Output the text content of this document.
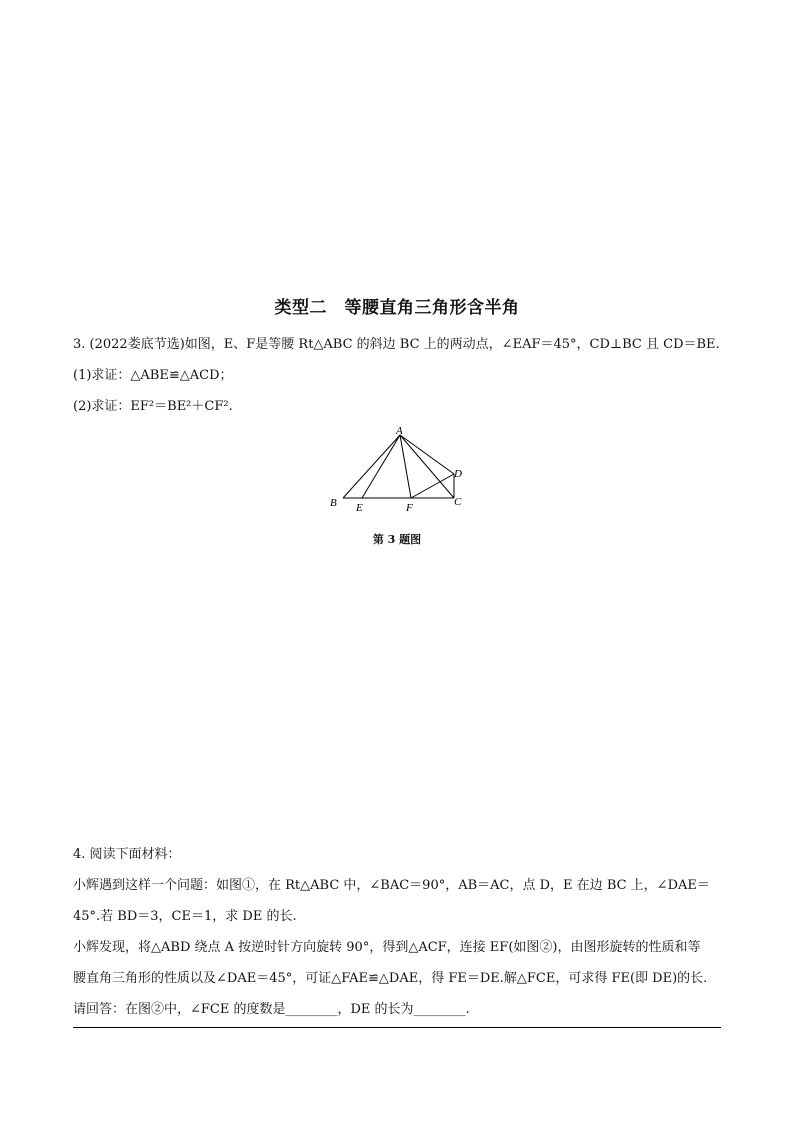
类型二　等腰直角三角形含半角
3. (2022娄底节选)如图，E、F是等腰 Rt△ABC 的斜边 BC 上的两动点，∠EAF＝45°，CD⊥BC 且 CD＝BE.
(1)求证：△ABE≌△ACD；
(2)求证：EF²＝BE²＋CF².
A
B	C
D
E	F
第 3 题图
4. 阅读下面材料：
小辉遇到这样一个问题：如图①，在 Rt△ABC 中，∠BAC＝90°，AB＝AC，点 D，E 在边 BC 上，∠DAE＝
45°.若 BD＝3，CE＝1，求 DE 的长.
小辉发现，将△ABD 绕点 A 按逆时针方向旋转 90°，得到△ACF，连接 EF(如图②)，由图形旋转的性质和等
腰直角三角形的性质以及∠DAE＝45°，可证△FAE≌△DAE，得 FE＝DE.解△FCE，可求得 FE(即 DE)的长.
请回答：在图②中，∠FCE 的度数是________，DE 的长为________.
